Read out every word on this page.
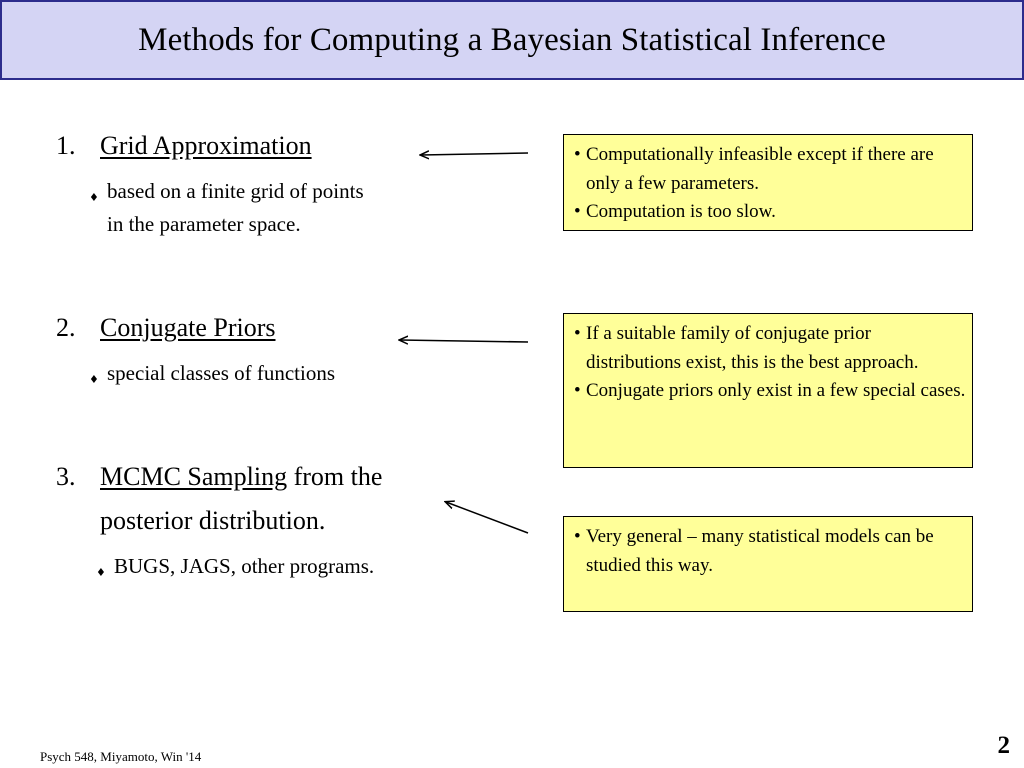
Methods for Computing a Bayesian Statistical Inference
1. Grid Approximation
♦ based on a finite grid of points
in the parameter space.
2. Conjugate Priors
♦ special classes of functions
3. MCMC Sampling from the
posterior distribution.
♦ BUGS, JAGS, other programs.
• Computationally infeasible except if there are only a few parameters.
• Computation is too slow.
• If a suitable family of conjugate prior distributions exist, this is the best approach.
• Conjugate priors only exist in a few special cases.
• Very general – many statistical models can be studied this way.
Psych 548, Miyamoto, Win '14	2
